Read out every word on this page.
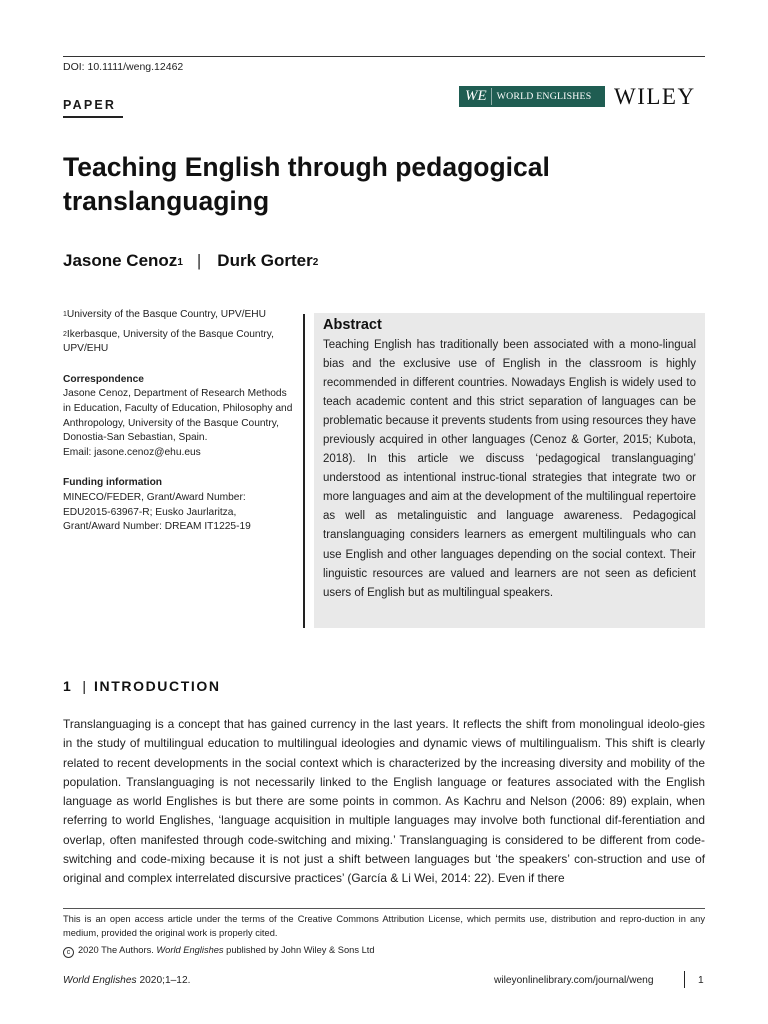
DOI: 10.1111/weng.12462
PAPER
WE	WORLD ENGLISHES WILEY
Teaching English through pedagogical translanguaging
Jasone Cenoz$^1$ | Durk Gorter$^2$

$^1$University of the Basque Country, UPV/EHU

$^2$Ikerbasque, University of the Basque Country, UPV/EHU

Correspondence

Jasone Cenoz, Department of Research Methods in Education, Faculty of Education, Philosophy and Anthropology, University of the Basque Country, Donostia-San Sebastian, Spain.

Email: jasone.cenoz@ehu.eus

Funding information

MINECO/FEDER, Grant/Award Number: EDU2015-63967-R; Eusko Jaurlaritza, Grant/Award Number: DREAM IT1225-19

Abstract
Teaching English has traditionally been associated with a mono-lingual bias and the exclusive use of English in the classroom is highly recommended in different countries. Nowadays English is widely used to teach academic content and this strict separation of languages can be problematic because it prevents students from using resources they have previously acquired in other languages (Cenoz & Gorter, 2015; Kubota, 2018). In this article we discuss ‘pedagogical translanguaging’ understood as intentional instruc-tional strategies that integrate two or more languages and aim at the development of the multilingual repertoire as well as metalinguistic and language awareness. Pedagogical translanguaging considers learners as emergent multilinguals who can use English and other languages depending on the social context. Their linguistic resources are valued and learners are not seen as deficient users of English but as multilingual speakers.
1 | INTRODUCTION
Translanguaging is a concept that has gained currency in the last years. It reflects the shift from monolingual ideolo-gies in the study of multilingual education to multilingual ideologies and dynamic views of multilingualism. This shift is clearly related to recent developments in the social context which is characterized by the increasing diversity and mobility of the population. Translanguaging is not necessarily linked to the English language or features associated with the English language as world Englishes is but there are some points in common. As Kachru and Nelson (2006: 89) explain, when referring to world Englishes, ‘language acquisition in multiple languages may involve both functional dif-ferentiation and overlap, often manifested through code-switching and mixing.’ Translanguaging is considered to be different from code-switching and code-mixing because it is not just a shift between languages but ‘the speakers’ con-struction and use of original and complex interrelated discursive practices’ (García & Li Wei, 2014: 22). Even if there
This is an open access article under the terms of the Creative Commons Attribution License, which permits use, distribution and repro-duction in any medium, provided the original work is properly cited.
c 2020 The Authors. World Englishes published by John Wiley & Sons Ltd
World Englishes 2020;1–12.	wileyonlinelibrary.com/journal/weng	1
